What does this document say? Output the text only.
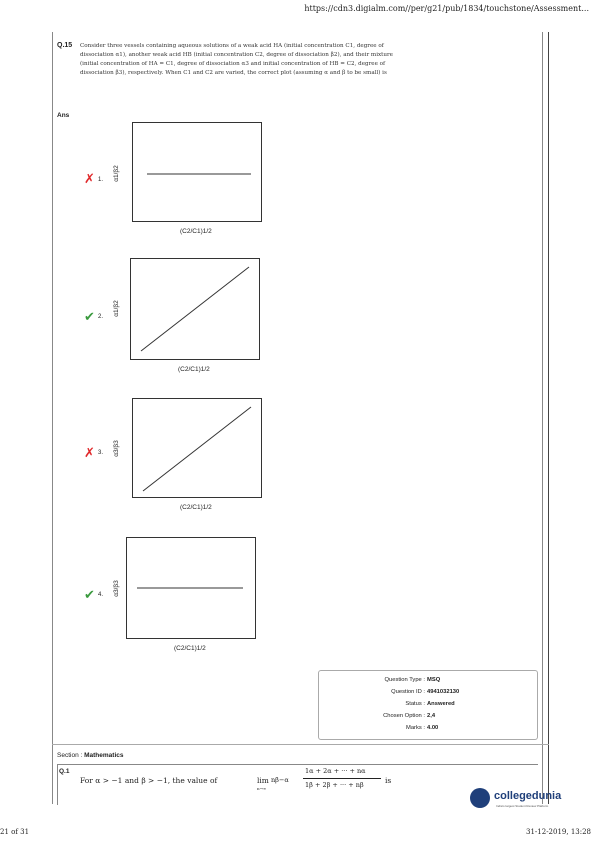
https://cdn3.digialm.com//per/g21/pub/1834/touchstone/Assessment...
Q.15 Consider three vessels containing aqueous solutions of a weak acid HA (initial concentration C1, degree of dissociation α1), another weak acid HB (initial concentration C2, degree of dissociation β2), and their mixture (initial concentration of HA = C1, degree of dissociation α3 and initial concentration of HB = C2, degree of dissociation β3), respectively. When C1 and C2 are varied, the correct plot (assuming α and β to be small) is
Ans
✗ 1. α1/β2
(C2/C1)1/2
✔ 2.
α1/β2
(C2/C1)1/2
✗ 3. α3/β3
(C2/C1)1/2
✔ 4. α3/β3
(C2/C1)1/2
Question Type : MSQ
Question ID : 4941032130
Status : Answered
Chosen Option : 2,4
Marks : 4.00
Section : Mathematics
Q.1
For α > −1 and β > −1, the value of	lim
n→∞
nβ−α
1α + 2α + ··· + nα
1β + 2β + ··· + nβ	is
collegedunia
India's largest Student Review Platform
21 of 31	31-12-2019, 13:28
